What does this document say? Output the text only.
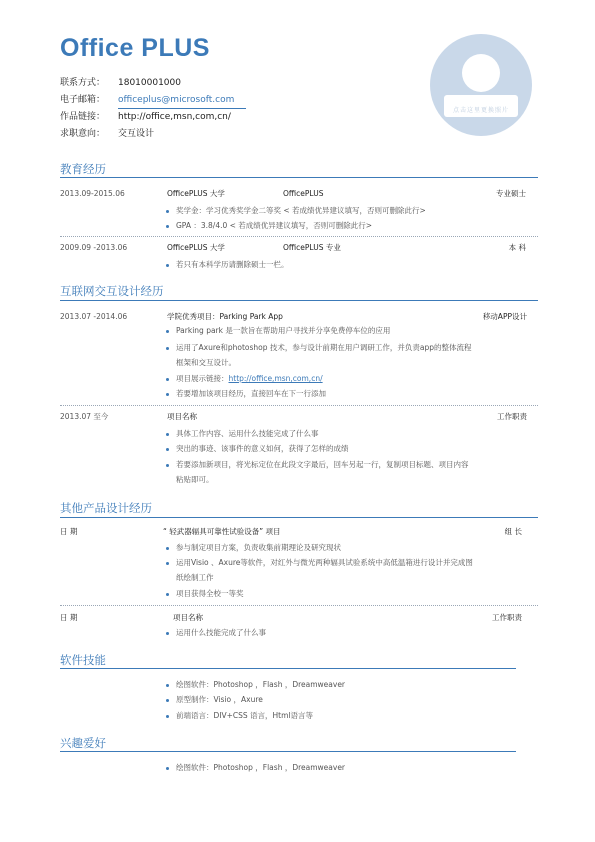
Office PLUS
联系方式： 18010001000
电子邮箱： officeplus@microsoft.com
作品链接： http://office,msn,com,cn/
求职意向： 交互设计
点击这里更换照片
教育经历
2013.09-2015.06	OfficePLUS 大学	OfficePLUS	专业硕士
奖学金：学习优秀奖学金二等奖 < 若成绩优异建议填写，否则可删除此行>
GPA ：3.8/4.0 < 若成绩优异建议填写，否则可删除此行>
2009.09 -2013.06	OfficePLUS 大学	OfficePLUS 专业	本 科
若只有本科学历请删除硕士一栏。
互联网交互设计经历
2013.07 -2014.06	学院优秀项目：Parking Park App	移动APP设计
Parking park 是一款旨在帮助用户寻找并分享免费停车位的应用
运用了Axure和photoshop 技术，参与设计前期在用户调研工作，并负责app的整体流程
框架和交互设计。
项目展示链接：http://office,msn,com,cn/
若要增加该项目经历，直接回车在下一行添加
2013.07 至今	项目名称	工作职责
具体工作内容、运用什么技能完成了什么事
突出的事迹、该事件的意义如何，获得了怎样的成绩
若要添加新项目，将光标定位在此段文字最后，回车另起一行，复制项目标题、项目内容
粘贴即可。
其他产品设计经历
日 期	“ 轻武器辐具可靠性试验设备” 项目	组 长
参与制定项目方案，负责收集前期理论及研究现状
运用Visio 、Axure等软件，对红外与微光两种辐具试验系统中高低温箱进行设计并完成图
纸绘制工作
项目获得全校一等奖
日 期	项目名称	工作职责
运用什么技能完成了什么事
软件技能
绘图软件：Photoshop ，Flash ，Dreamweaver
原型制作：Visio ，Axure
前端语言：DIV+CSS 语言，Html语言等
兴趣爱好
绘图软件：Photoshop ，Flash ，Dreamweaver
